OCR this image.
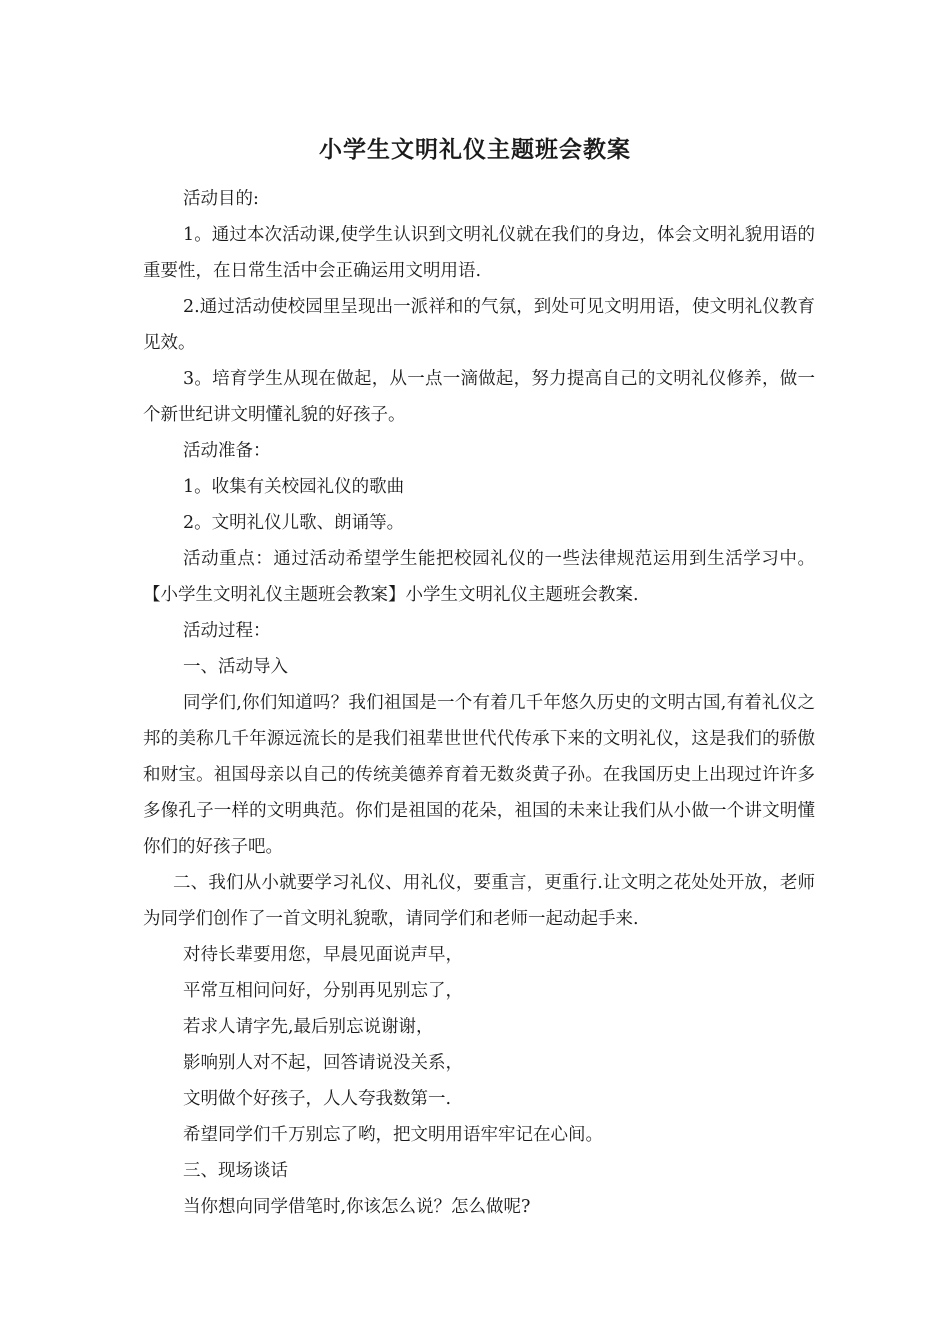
小学生文明礼仪主题班会教案

活动目的:

1。通过本次活动课,使学生认识到文明礼仪就在我们的身边，体会文明礼貌用语的重要性，在日常生活中会正确运用文明用语.

2.通过活动使校园里呈现出一派祥和的气氛，到处可见文明用语，使文明礼仪教育见效。

3。培育学生从现在做起，从一点一滴做起，努力提高自己的文明礼仪修养，做一个新世纪讲文明懂礼貌的好孩子。

活动准备：

1。收集有关校园礼仪的歌曲

2。文明礼仪儿歌、朗诵等。

活动重点：通过活动希望学生能把校园礼仪的一些法律规范运用到生活学习中。【小学生文明礼仪主题班会教案】小学生文明礼仪主题班会教案.

活动过程：

一、活动导入

同学们,你们知道吗？我们祖国是一个有着几千年悠久历史的文明古国,有着礼仪之邦的美称几千年源远流长的是我们祖辈世世代代传承下来的文明礼仪，这是我们的骄傲和财宝。祖国母亲以自己的传统美德养育着无数炎黄子孙。在我国历史上出现过许许多多像孔子一样的文明典范。你们是祖国的花朵，祖国的未来让我们从小做一个讲文明懂你们的好孩子吧。

二、我们从小就要学习礼仪、用礼仪，要重言，更重行.让文明之花处处开放，老师为同学们创作了一首文明礼貌歌，请同学们和老师一起动起手来.

对待长辈要用您，早晨见面说声早，

平常互相问问好，分别再见别忘了，

若求人请字先,最后别忘说谢谢，

影响别人对不起，回答请说没关系，

文明做个好孩子，人人夸我数第一.

希望同学们千万别忘了哟，把文明用语牢牢记在心间。

三、现场谈话

当你想向同学借笔时,你该怎么说？怎么做呢?
